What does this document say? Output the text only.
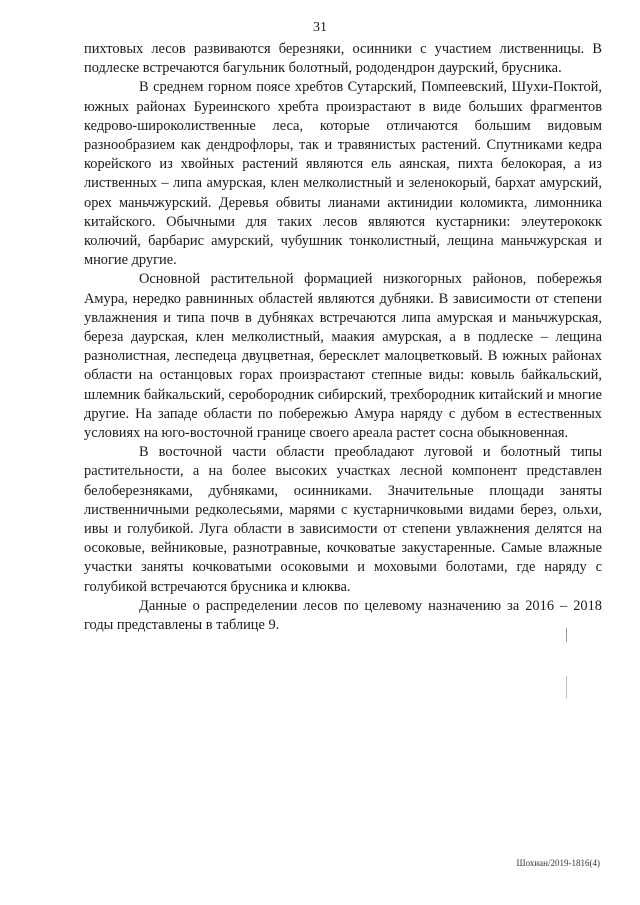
31

пихтовых лесов развиваются березняки, осинники с участием лиственницы. В подлеске встречаются багульник болотный, рододендрон даурский, брусника.

В среднем горном поясе хребтов Сутарский, Помпеевский, Шухи-Поктой, южных районах Буреинского хребта произрастают в виде больших фрагментов кедрово-широколиственные леса, которые отличаются большим видовым разнообразием как дендрофлоры, так и травянистых растений. Спутниками кедра корейского из хвойных растений являются ель аянская, пихта белокорая, а из лиственных – липа амурская, клен мелколистный и зеленокорый, бархат амурский, орех маньчжурский. Деревья обвиты лианами актинидии коломикта, лимонника китайского. Обычными для таких лесов являются кустарники: элеутерококк колючий, барбарис амурский, чубушник тонколистный, лещина маньчжурская и многие другие.

Основной растительной формацией низкогорных районов, побережья Амура, нередко равнинных областей являются дубняки. В зависимости от степени увлажнения и типа почв в дубняках встречаются липа амурская и маньчжурская, береза даурская, клен мелколистный, маакия амурская, а в подлеске – лещина разнолистная, леспедеца двуцветная, бересклет малоцветковый. В южных районах области на останцовых горах произрастают степные виды: ковыль байкальский, шлемник байкальский, серобородник сибирский, трехбородник китайский и многие другие. На западе области по побережью Амура наряду с дубом в естественных условиях на юго-восточной границе своего ареала растет сосна обыкновенная.

В восточной части области преобладают луговой и болотный типы растительности, а на более высоких участках лесной компонент представлен белоберезняками, дубняками, осинниками. Значительные площади заняты лиственничными редколесьями, марями с кустарничковыми видами берез, ольхи, ивы и голубикой. Луга области в зависимости от степени увлажнения делятся на осоковые, вейниковые, разнотравные, кочковатые закустаренные. Самые влажные участки заняты кочковатыми осоковыми и моховыми болотами, где наряду с голубикой встречаются брусника и клюква.

Данные о распределении лесов по целевому назначению за 2016 – 2018 годы представлены в таблице 9.

Шохиан/2019-1816(4)
